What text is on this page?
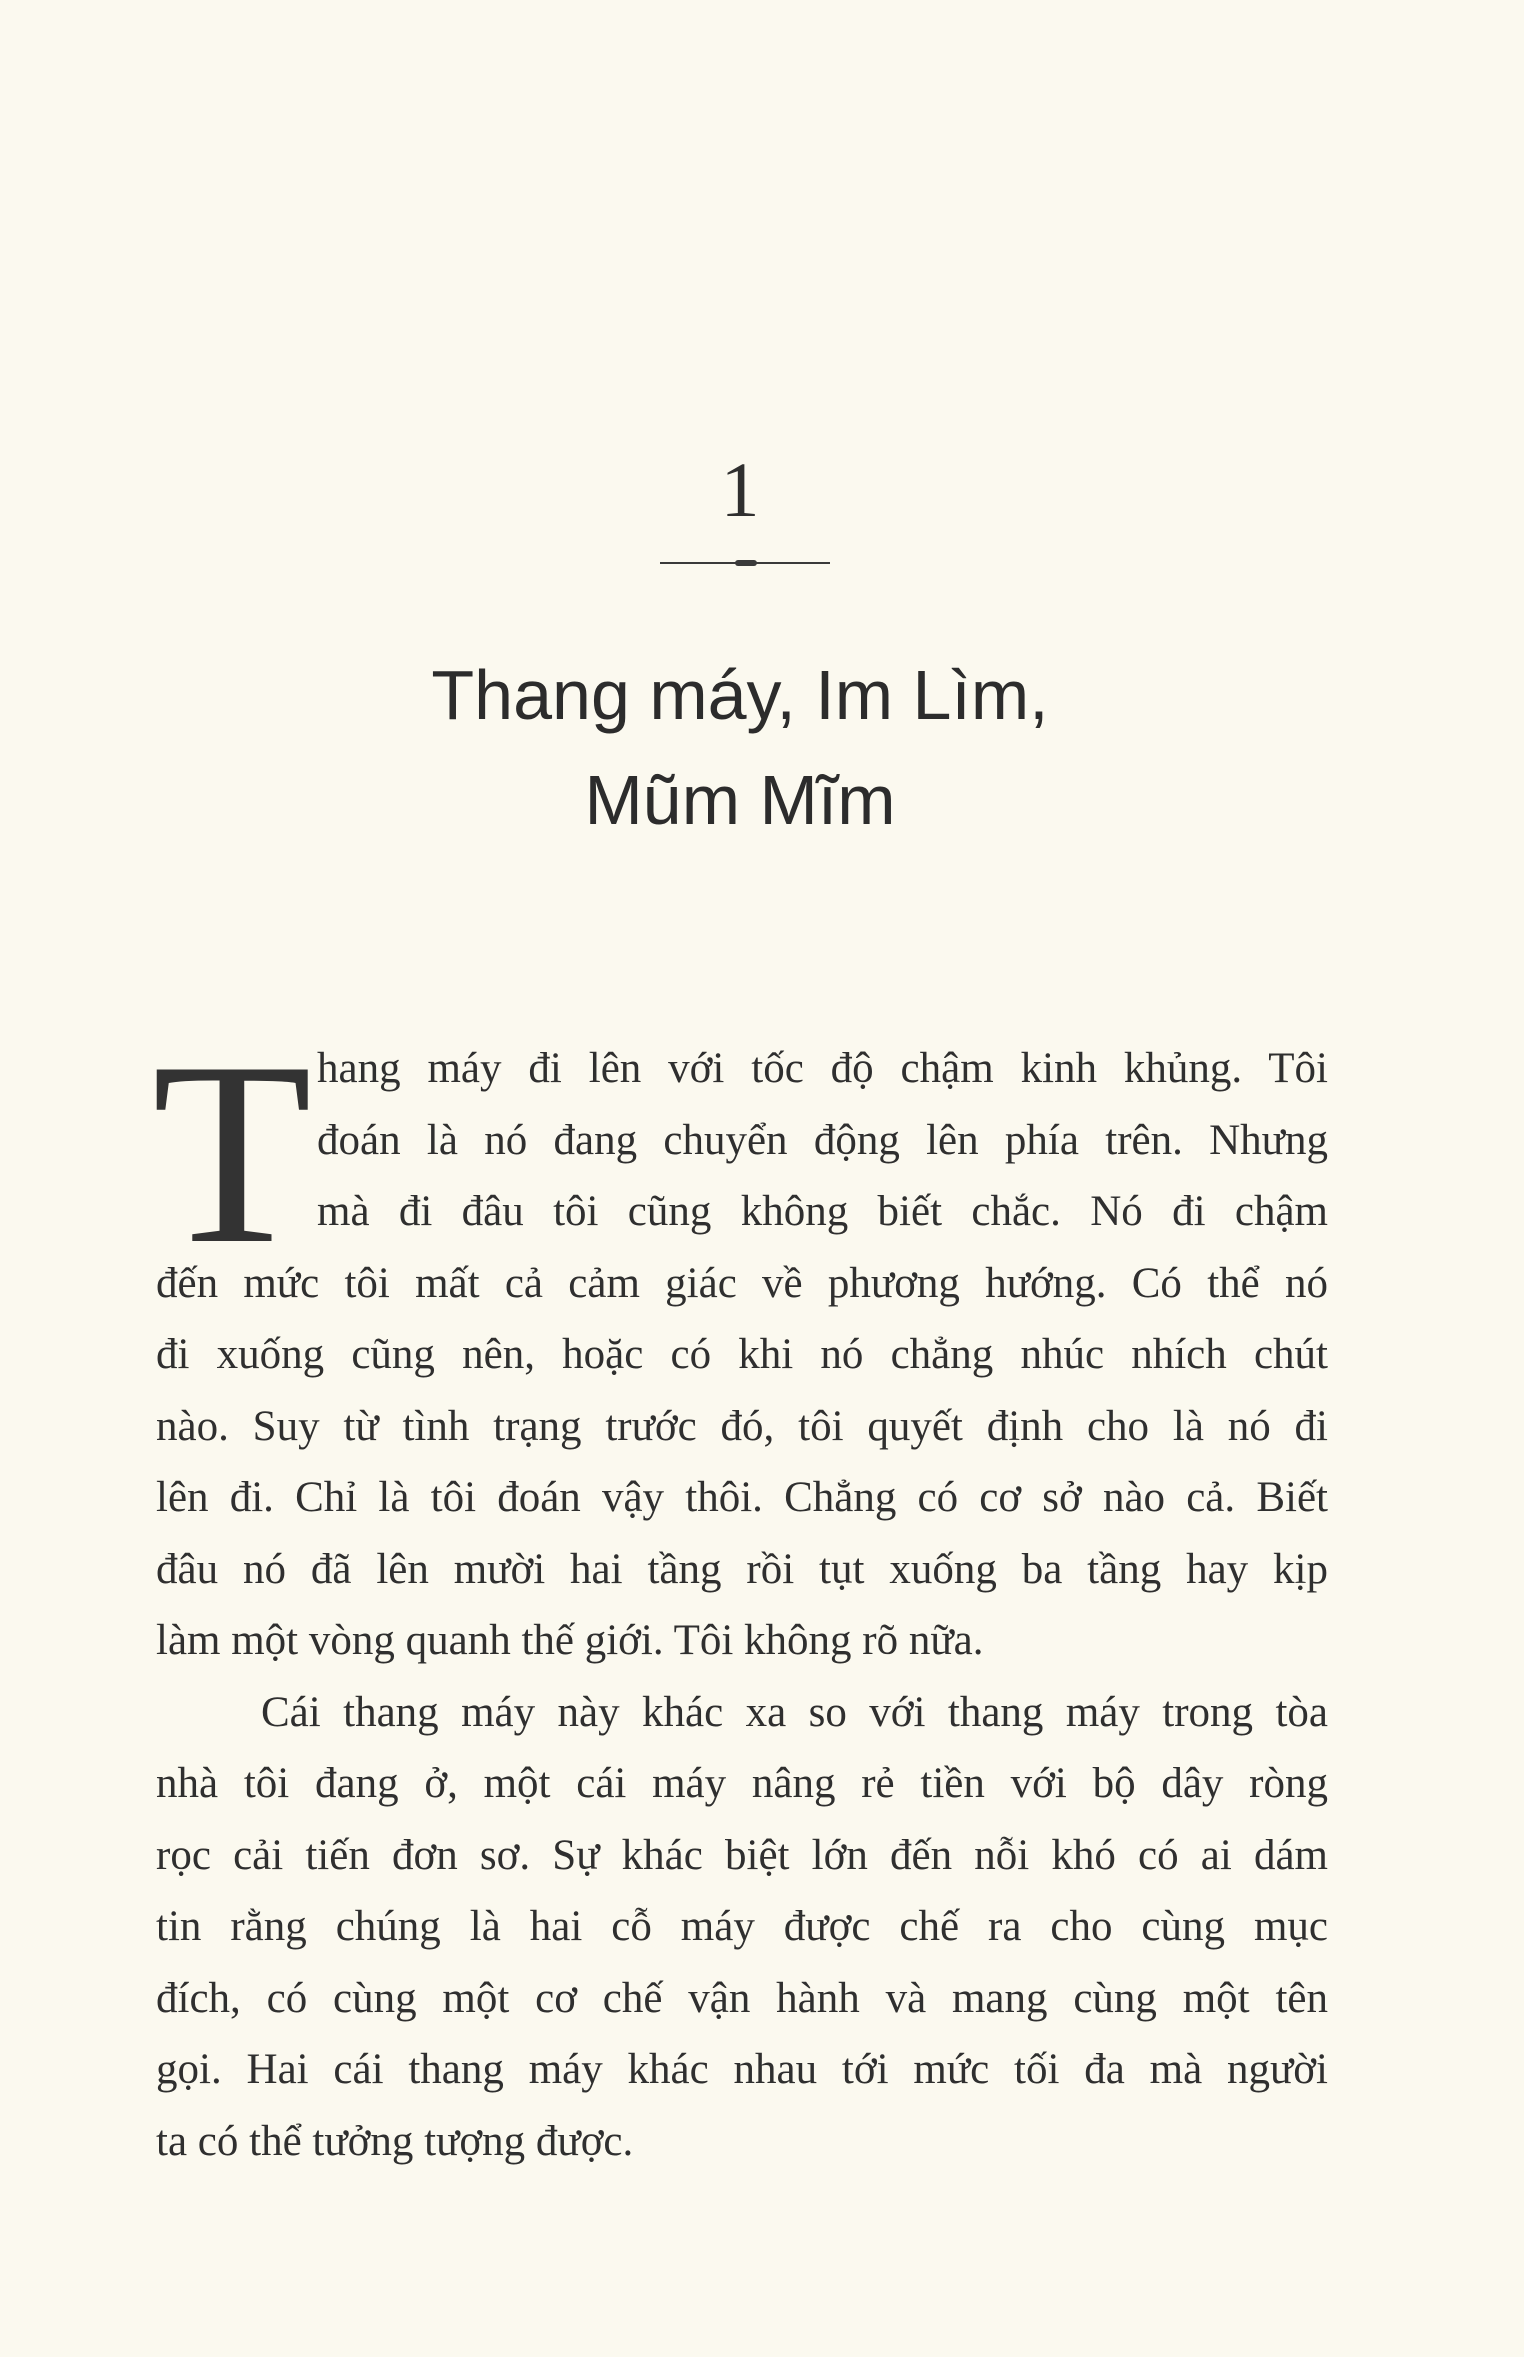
1
Thang máy, Im Lìm,
Mũm Mĩm
T hang máy đi lên với tốc độ chậm kinh khủng. Tôi
đoán là nó đang chuyển động lên phía trên. Nhưng
mà đi đâu tôi cũng không biết chắc. Nó đi chậm
đến mức tôi mất cả cảm giác về phương hướng. Có thể nó
đi xuống cũng nên, hoặc có khi nó chẳng nhúc nhích chút
nào. Suy từ tình trạng trước đó, tôi quyết định cho là nó đi
lên đi. Chỉ là tôi đoán vậy thôi. Chẳng có cơ sở nào cả. Biết
đâu nó đã lên mười hai tầng rồi tụt xuống ba tầng hay kịp
làm một vòng quanh thế giới. Tôi không rõ nữa.
Cái thang máy này khác xa so với thang máy trong tòa
nhà tôi đang ở, một cái máy nâng rẻ tiền với bộ dây ròng
rọc cải tiến đơn sơ. Sự khác biệt lớn đến nỗi khó có ai dám
tin rằng chúng là hai cỗ máy được chế ra cho cùng mục
đích, có cùng một cơ chế vận hành và mang cùng một tên
gọi. Hai cái thang máy khác nhau tới mức tối đa mà người
ta có thể tưởng tượng được.
